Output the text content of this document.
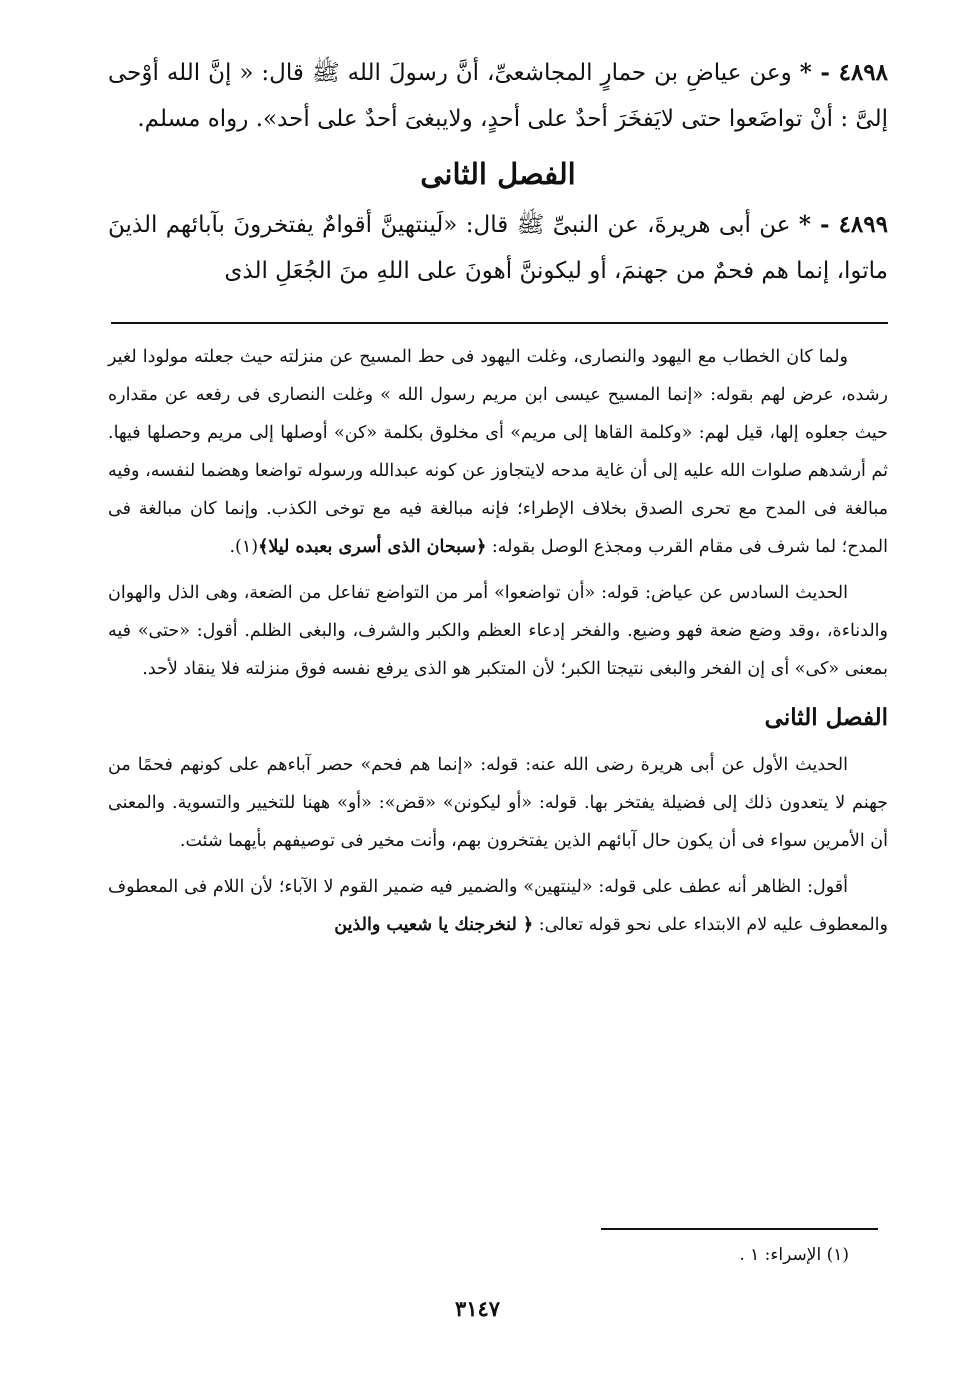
٤٨٩٨ - * وعن عياضِ بن حمارٍ المجاشعىِّ، أنَّ رسولَ الله ﷺ قال: « إنَّ الله أوْحى إلىَّ : أنْ تواضَعوا حتى لايَفخَرَ أحدٌ على أحدٍ، ولايبغىَ أحدٌ على أحد». رواه مسلم.

الفصل الثانى

٤٨٩٩ - * عن أبى هريرةَ، عن النبىِّ ﷺ قال: «لَينتهينَّ أقوامٌ يفتخرونَ بآبائهم الذينَ ماتوا، إنما هم فحمٌ من جهنمَ، أو ليكوننَّ أهونَ على اللهِ منَ الجُعَلِ الذى

ولما كان الخطاب مع اليهود والنصارى، وغلت اليهود فى حط المسيح عن منزلته حيث جعلته مولودا لغير رشده، عرض لهم بقوله: «إنما المسيح عيسى ابن مريم رسول الله » وغلت النصارى فى رفعه عن مقداره حيث جعلوه إلها، قيل لهم: «وكلمة القاها إلى مريم» أى مخلوق بكلمة «كن» أوصلها إلى مريم وحصلها فيها. ثم أرشدهم صلوات الله عليه إلى أن غاية مدحه لايتجاوز عن كونه عبدالله ورسوله تواضعا وهضما لنفسه، وفيه مبالغة فى المدح مع تحرى الصدق بخلاف الإطراء؛ فإنه مبالغة فيه مع توخى الكذب. وإنما كان مبالغة فى المدح؛ لما شرف فى مقام القرب ومجذع الوصل بقوله: ﴿سبحان الذى أسرى بعبده ليلا﴾(١).

الحديث السادس عن عياض: قوله: «أن تواضعوا» أمر من التواضع تفاعل من الضعة، وهى الذل والهوان والدناءة، ،وقد وضع ضعة فهو وضيع. والفخر إدعاء العظم والكبر والشرف، والبغى الظلم. أقول: «حتى» فيه بمعنى «كى» أى إن الفخر والبغى نتيجتا الكبر؛ لأن المتكبر هو الذى يرفع نفسه فوق منزلته فلا ينقاد لأحد.

الفصل الثانى

الحديث الأول عن أبى هريرة رضى الله عنه: قوله: «إنما هم فحم» حصر آباءهم على كونهم فحمًا من جهنم لا يتعدون ذلك إلى فضيلة يفتخر بها. قوله: «أو ليكونن» «قض»: «أو» ههنا للتخيير والتسوية. والمعنى أن الأمرين سواء فى أن يكون حال آبائهم الذين يفتخرون بهم، وأنت مخير فى توصيفهم بأيهما شئت.

أقول: الظاهر أنه عطف على قوله: «لينتهين» والضمير فيه ضمير القوم لا الآباء؛ لأن اللام فى المعطوف والمعطوف عليه لام الابتداء على نحو قوله تعالى: ﴿ لنخرجنك يا شعيب والذين

(١) الإسراء: ١ .
٣١٤٧
